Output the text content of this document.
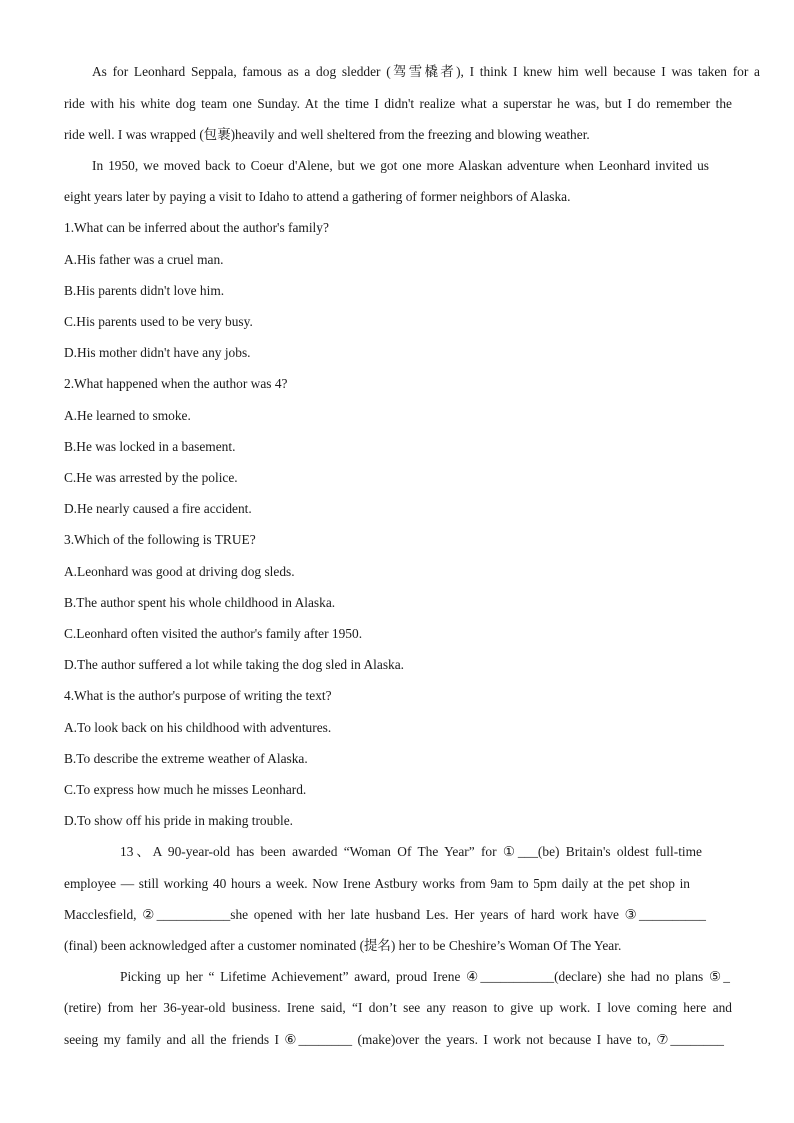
As for Leonhard Seppala, famous as a dog sledder (驾雪橇者), I think I knew him well because I was taken for a
ride with his white dog team one Sunday. At the time I didn't realize what a superstar he was, but I do remember the
ride well. I was wrapped (包裹)heavily and well sheltered from the freezing and blowing weather.
In 1950, we moved back to Coeur d'Alene, but we got one more Alaskan adventure when Leonhard invited us
eight years later by paying a visit to Idaho to attend a gathering of former neighbors of Alaska.
1.What can be inferred about the author's family?
A.His father was a cruel man.
B.His parents didn't love him.
C.His parents used to be very busy.
D.His mother didn't have any jobs.
2.What happened when the author was 4?
A.He learned to smoke.
B.He was locked in a basement.
C.He was arrested by the police.
D.He nearly caused a fire accident.
3.Which of the following is TRUE?
A.Leonhard was good at driving dog sleds.
B.The author spent his whole childhood in Alaska.
C.Leonhard often visited the author's family after 1950.
D.The author suffered a lot while taking the dog sled in Alaska.
4.What is the author's purpose of writing the text?
A.To look back on his childhood with adventures.
B.To describe the extreme weather of Alaska.
C.To express how much he misses Leonhard.
D.To show off his pride in making trouble.
13、A 90-year-old has been awarded “Woman Of The Year” for ①___(be) Britain's oldest full-time
employee — still working 40 hours a week. Now Irene Astbury works from 9am to 5pm daily at the pet shop in
Macclesfield, ②___________she opened with her late husband Les. Her years of hard work have ③__________
(final) been acknowledged after a customer nominated (提名) her to be Cheshire’s Woman Of The Year.
Picking up her “ Lifetime Achievement” award, proud Irene ④___________(declare) she had no plans ⑤_
(retire) from her 36-year-old business. Irene said, “I don’t see any reason to give up work. I love coming here and
seeing my family and all the friends I ⑥________ (make)over the years. I work not because I have to, ⑦________
